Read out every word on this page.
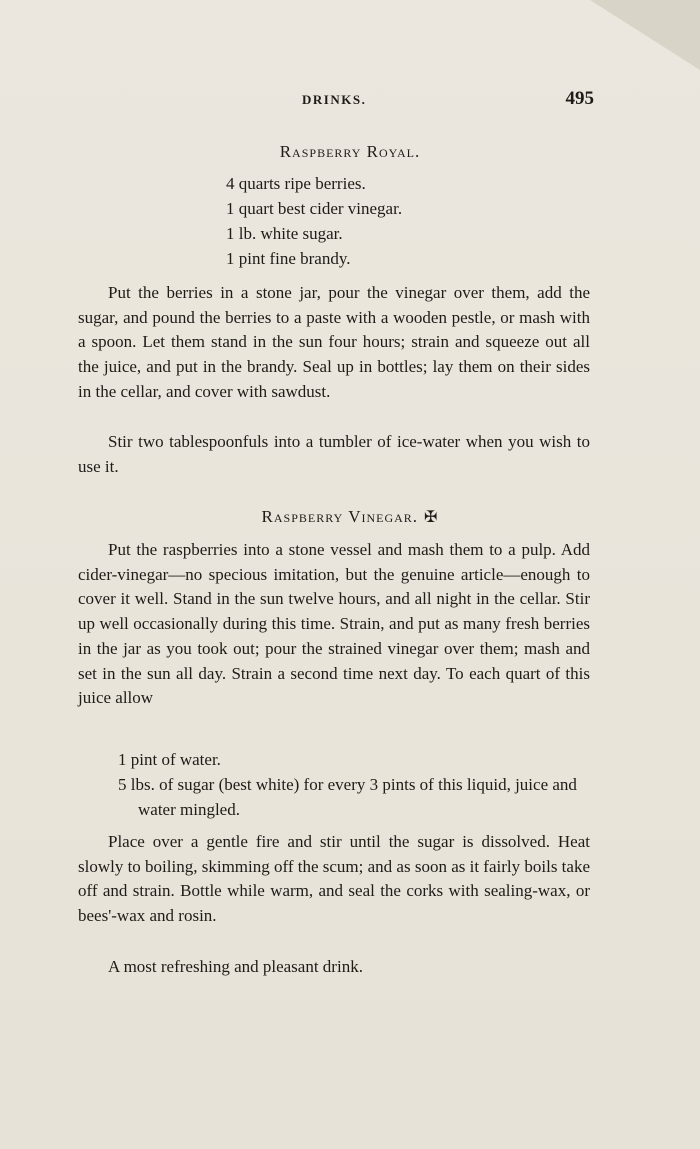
DRINKS.	495
Raspberry Royal.
4 quarts ripe berries.
1 quart best cider vinegar.
1 lb. white sugar.
1 pint fine brandy.

Put the berries in a stone jar, pour the vinegar over them, add the sugar, and pound the berries to a paste with a wooden pestle, or mash with a spoon. Let them stand in the sun four hours; strain and squeeze out all the juice, and put in the brandy. Seal up in bottles; lay them on their sides in the cellar, and cover with sawdust.

Stir two tablespoonfuls into a tumbler of ice-water when you wish to use it.

Raspberry Vinegar. ✠

Put the raspberries into a stone vessel and mash them to a pulp. Add cider-vinegar—no specious imitation, but the genuine article—enough to cover it well. Stand in the sun twelve hours, and all night in the cellar. Stir up well occasionally during this time. Strain, and put as many fresh berries in the jar as you took out; pour the strained vinegar over them; mash and set in the sun all day. Strain a second time next day. To each quart of this juice allow

1 pint of water.
5 lbs. of sugar (best white) for every 3 pints of this liquid, juice and water mingled.

Place over a gentle fire and stir until the sugar is dissolved. Heat slowly to boiling, skimming off the scum; and as soon as it fairly boils take off and strain. Bottle while warm, and seal the corks with sealing-wax, or bees'-wax and rosin.

A most refreshing and pleasant drink.
